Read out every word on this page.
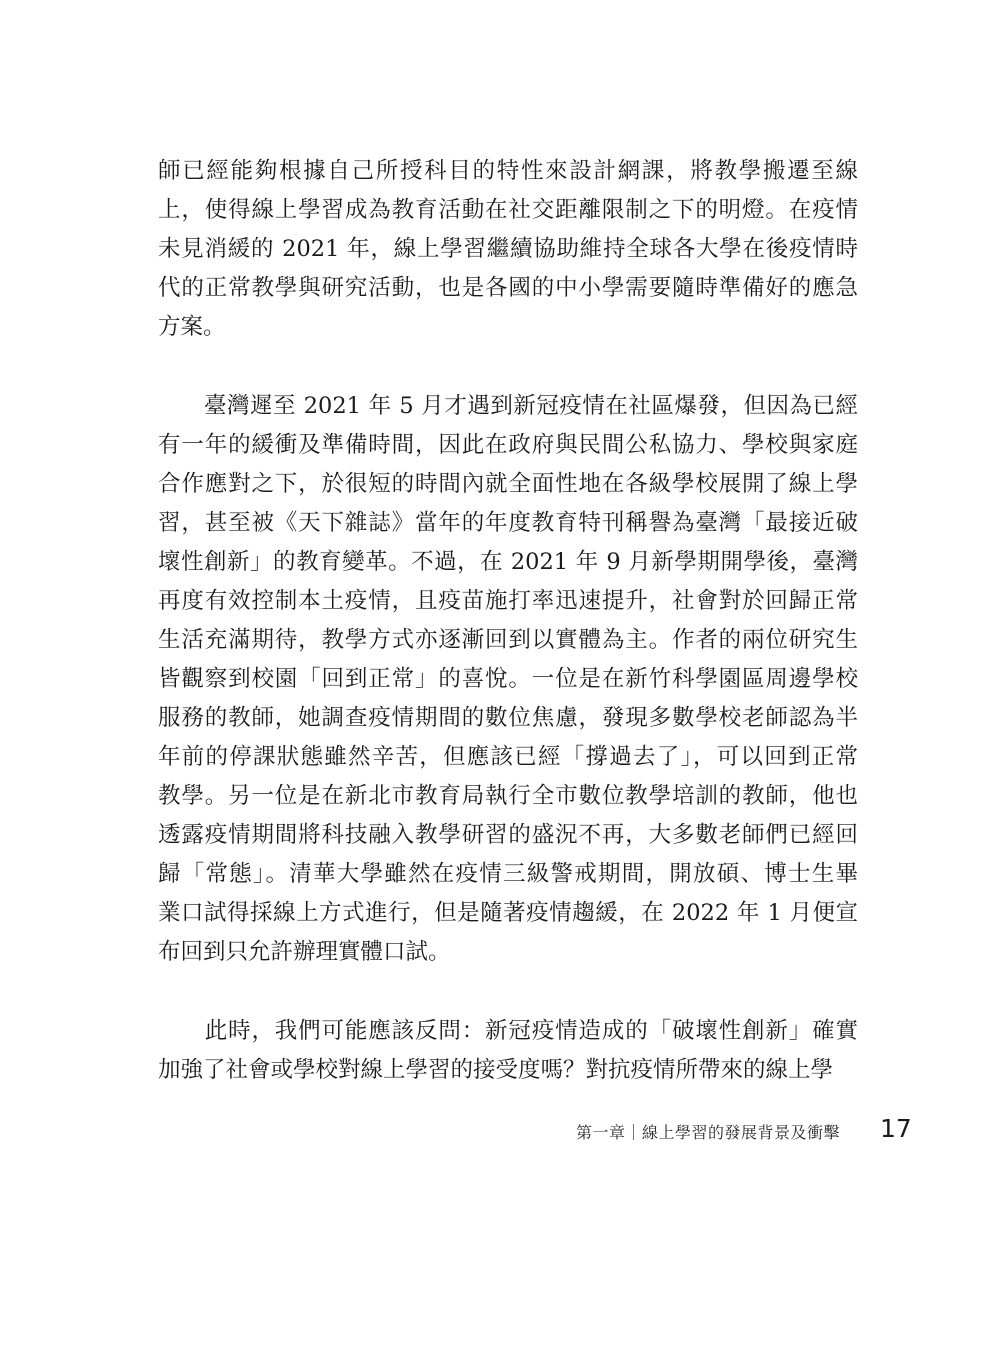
師已經能夠根據自己所授科目的特性來設計網課，將教學搬遷至線
上，使得線上學習成為教育活動在社交距離限制之下的明燈。在疫情
未見消緩的 2021 年，線上學習繼續協助維持全球各大學在後疫情時
代的正常教學與研究活動，也是各國的中小學需要隨時準備好的應急
方案。
　　臺灣遲至 2021 年 5 月才遇到新冠疫情在社區爆發，但因為已經
有一年的緩衝及準備時間，因此在政府與民間公私協力、學校與家庭
合作應對之下，於很短的時間內就全面性地在各級學校展開了線上學
習，甚至被《天下雜誌》當年的年度教育特刊稱譽為臺灣「最接近破
壞性創新」的教育變革。不過，在 2021 年 9 月新學期開學後，臺灣
再度有效控制本土疫情，且疫苗施打率迅速提升，社會對於回歸正常
生活充滿期待，教學方式亦逐漸回到以實體為主。作者的兩位研究生
皆觀察到校園「回到正常」的喜悅。一位是在新竹科學園區周邊學校
服務的教師，她調查疫情期間的數位焦慮，發現多數學校老師認為半
年前的停課狀態雖然辛苦，但應該已經「撐過去了」，可以回到正常
教學。另一位是在新北市教育局執行全市數位教學培訓的教師，他也
透露疫情期間將科技融入教學研習的盛況不再，大多數老師們已經回
歸「常態」。清華大學雖然在疫情三級警戒期間，開放碩、博士生畢
業口試得採線上方式進行，但是隨著疫情趨緩，在 2022 年 1 月便宣
布回到只允許辦理實體口試。
　　此時，我們可能應該反問：新冠疫情造成的「破壞性創新」確實
加強了社會或學校對線上學習的接受度嗎？對抗疫情所帶來的線上學
第一章｜線上學習的發展背景及衝擊 17
